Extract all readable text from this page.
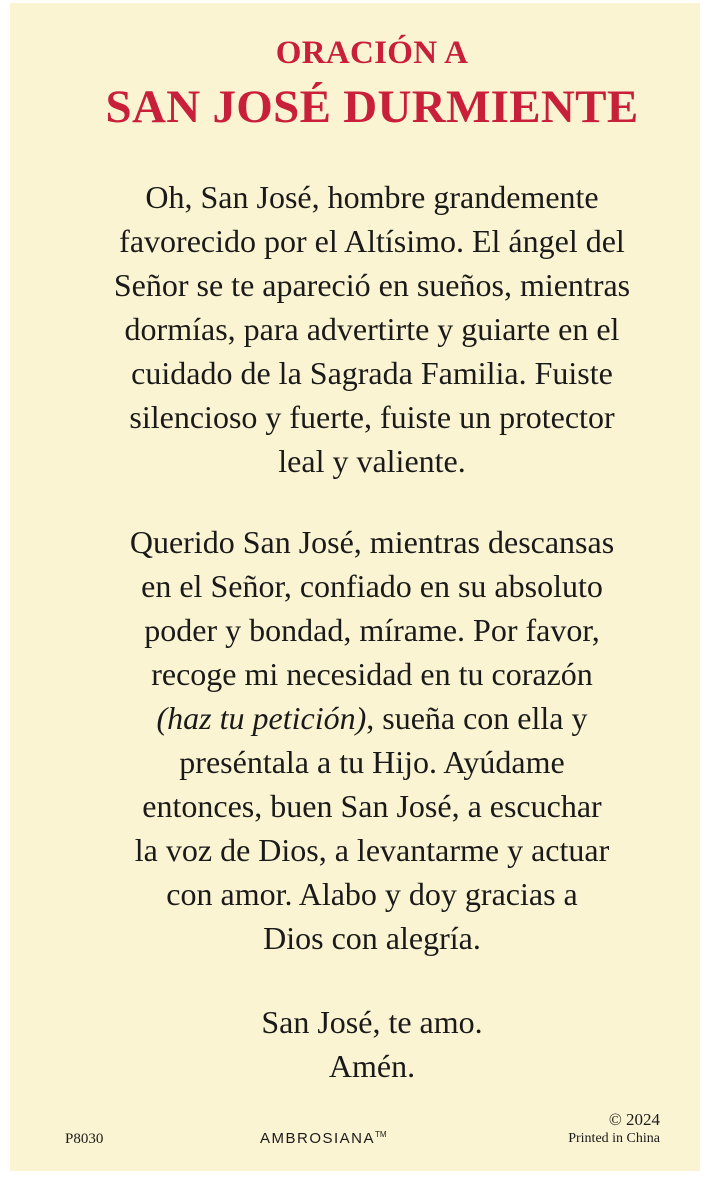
ORACIÓN A
SAN JOSÉ DURMIENTE
Oh, San José, hombre grandemente
favorecido por el Altísimo. El ángel del
Señor se te apareció en sueños, mientras
dormías, para advertirte y guiarte en el
cuidado de la Sagrada Familia. Fuiste
silencioso y fuerte, fuiste un protector
leal y valiente.
Querido San José, mientras descansas
en el Señor, confiado en su absoluto
poder y bondad, mírame. Por favor,
recoge mi necesidad en tu corazón
(haz tu petición), sueña con ella y
preséntala a tu Hijo. Ayúdame
entonces, buen San José, a escuchar
la voz de Dios, a levantarme y actuar
con amor. Alabo y doy gracias a
Dios con alegría.
San José, te amo.
Amén.
P8030	AMBROSIANA™
© 2024
Printed in China
